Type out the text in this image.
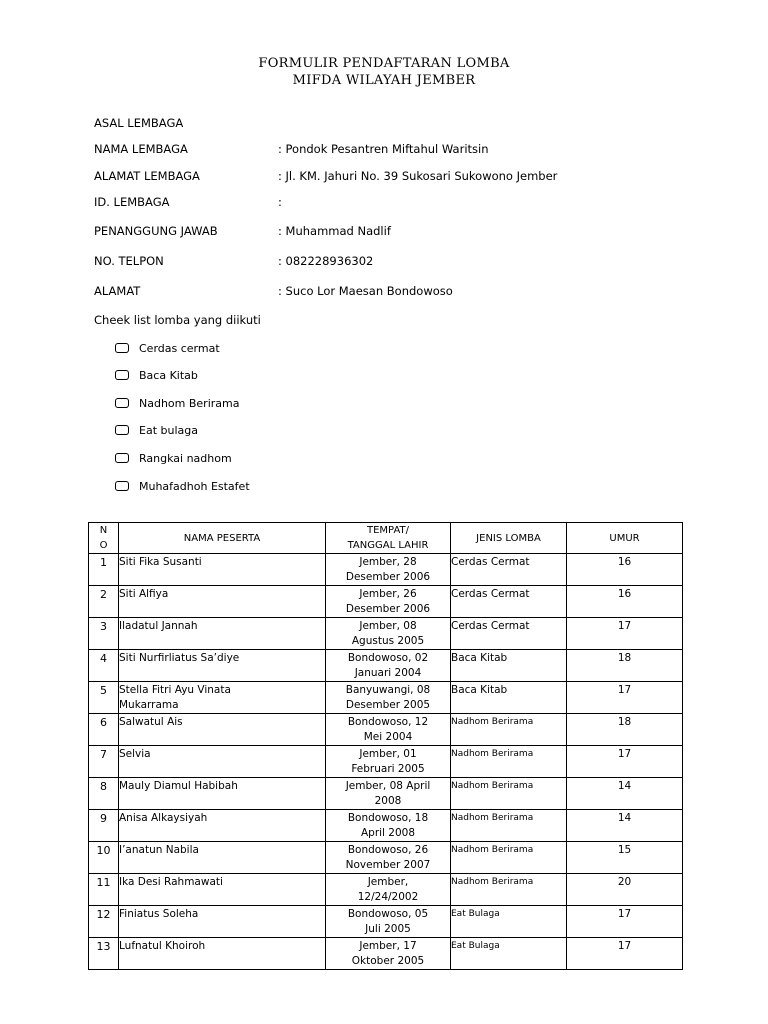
FORMULIR PENDAFTARAN LOMBA
MIFDA WILAYAH JEMBER
ASAL LEMBAGA
NAMA LEMBAGA	: Pondok Pesantren Miftahul Waritsin
ALAMAT LEMBAGA	: Jl. KM. Jahuri No. 39 Sukosari Sukowono Jember
ID. LEMBAGA	:
PENANGGUNG JAWAB	: Muhammad Nadlif
NO. TELPON	: 082228936302
ALAMAT	: Suco Lor Maesan Bondowoso
Cheek list lomba yang diikuti
Cerdas cermat
Baca Kitab
Nadhom Berirama
Eat bulaga
Rangkai nadhom
Muhafadhoh Estafet
N
O	NAMA PESERTA	TEMPAT/
TANGGAL LAHIR	JENIS LOMBA	UMUR

1	Siti Fika Susanti	Jember, 28
Desember 2006	Cerdas Cermat	16

2	Siti Alfiya	Jember, 26
Desember 2006	Cerdas Cermat	16

3	Iladatul Jannah	Jember, 08
Agustus 2005	Cerdas Cermat	17

4	Siti Nurfirliatus Sa’diye	Bondowoso, 02
Januari 2004	Baca Kitab	18

5	Stella Fitri Ayu Vinata
Mukarrama	Banyuwangi, 08
Desember 2005	Baca Kitab	17

6	Salwatul Ais	Bondowoso, 12
Mei 2004	Nadhom Berirama	18

7	Selvia	Jember, 01
Februari 2005	Nadhom Berirama	17

8	Mauly Diamul Habibah	Jember, 08 April
2008	Nadhom Berirama	14

9	Anisa Alkaysiyah	Bondowoso, 18
April 2008	Nadhom Berirama	14

10	I’anatun Nabila	Bondowoso, 26
November 2007	Nadhom Berirama	15

11	Ika Desi Rahmawati	Jember,
12/24/2002	Nadhom Berirama	20

12	Finiatus Soleha	Bondowoso, 05
Juli 2005	Eat Bulaga	17

13	Lufnatul Khoiroh	Jember, 17
Oktober 2005	Eat Bulaga	17
